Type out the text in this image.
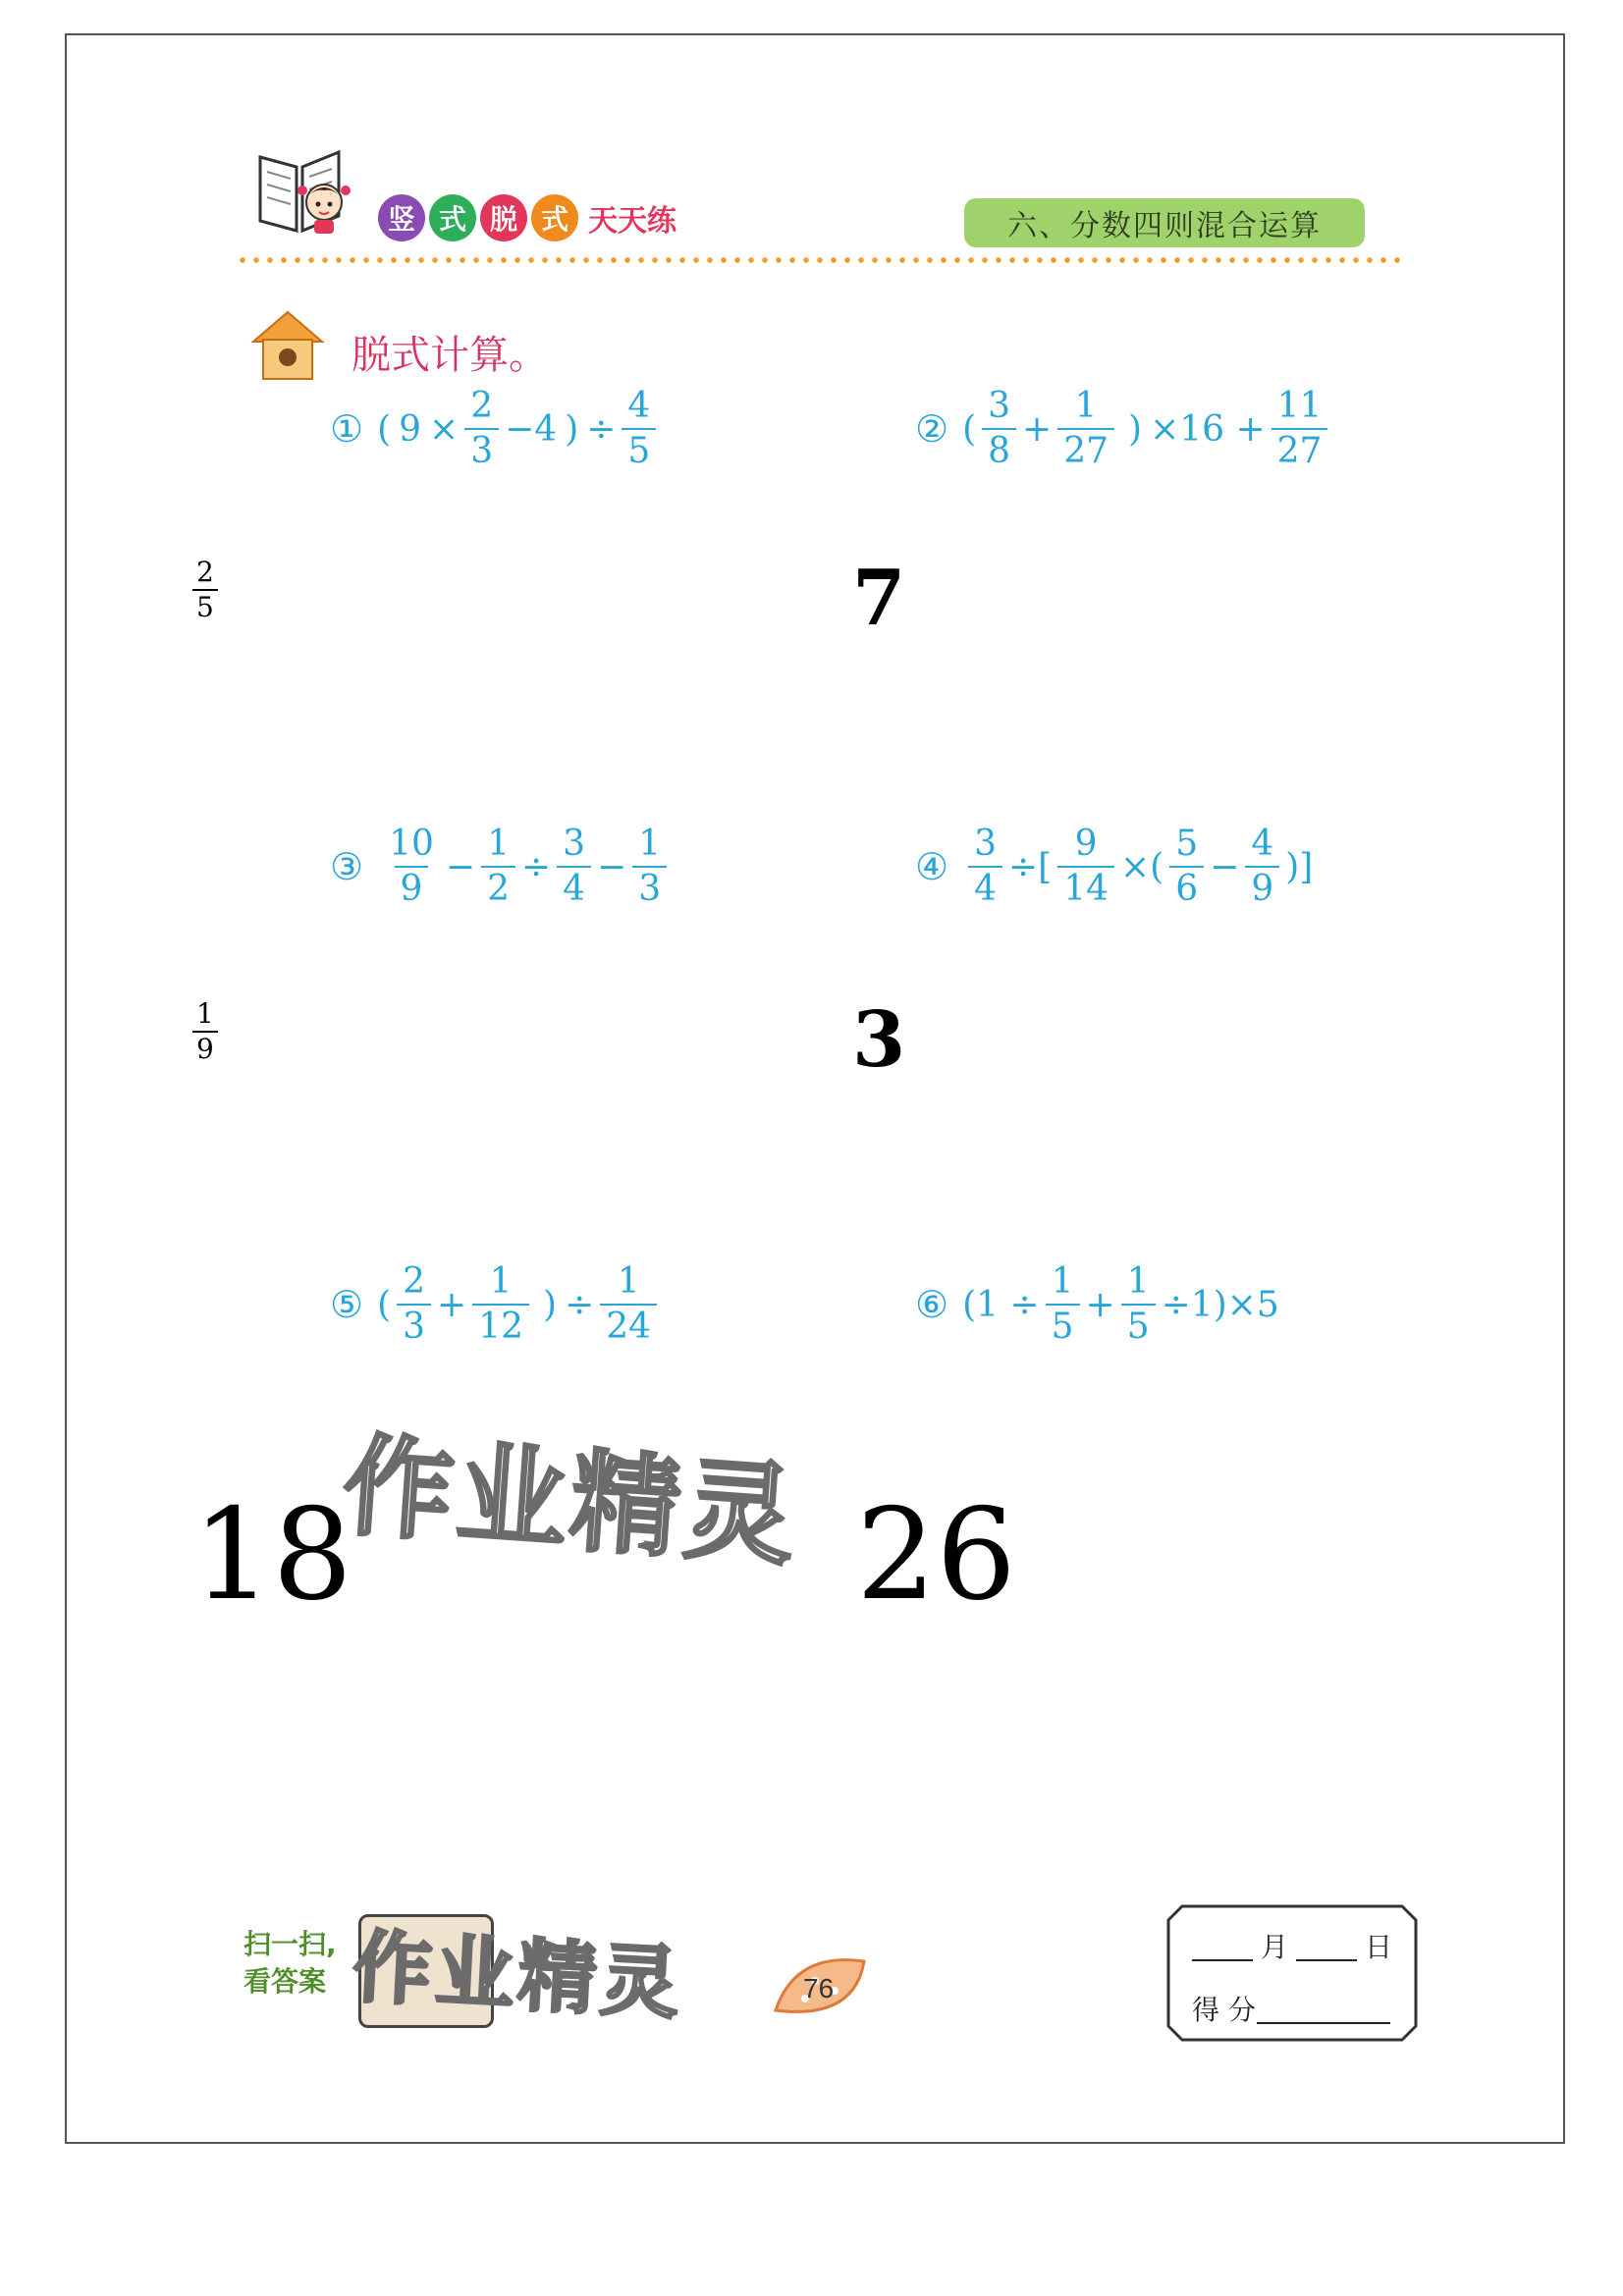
竖 式 脱 式 天天练	六、分数四则混合运算
脱式计算。
① ( $9 \times \frac{2}{3} -4$ ) ÷ $\frac{4}{5}$	② ( $\frac{3}{8} + \frac{1}{27}$ ) $\times 16 + \frac{11}{27}$
③ $\frac{10}{9} - \frac{1}{2} \div \frac{3}{4} - \frac{1}{3}$	④ $\frac{3}{4}$ ÷[ $\frac{9}{14}$ ×( $\frac{5}{6} - \frac{4}{9}$ )]
⑤ ( $\frac{2}{3} + \frac{1}{12}$ ) ÷ $\frac{1}{24}$	⑥ $(1 \div \frac{1}{5} + \frac{1}{5} \div 1)\times 5$
$\frac{2}{5}$	7
$\frac{1}{9}$	3
18	26
作业精灵
扫一扫,
看答案 作业精灵	76
月	日
得 分
